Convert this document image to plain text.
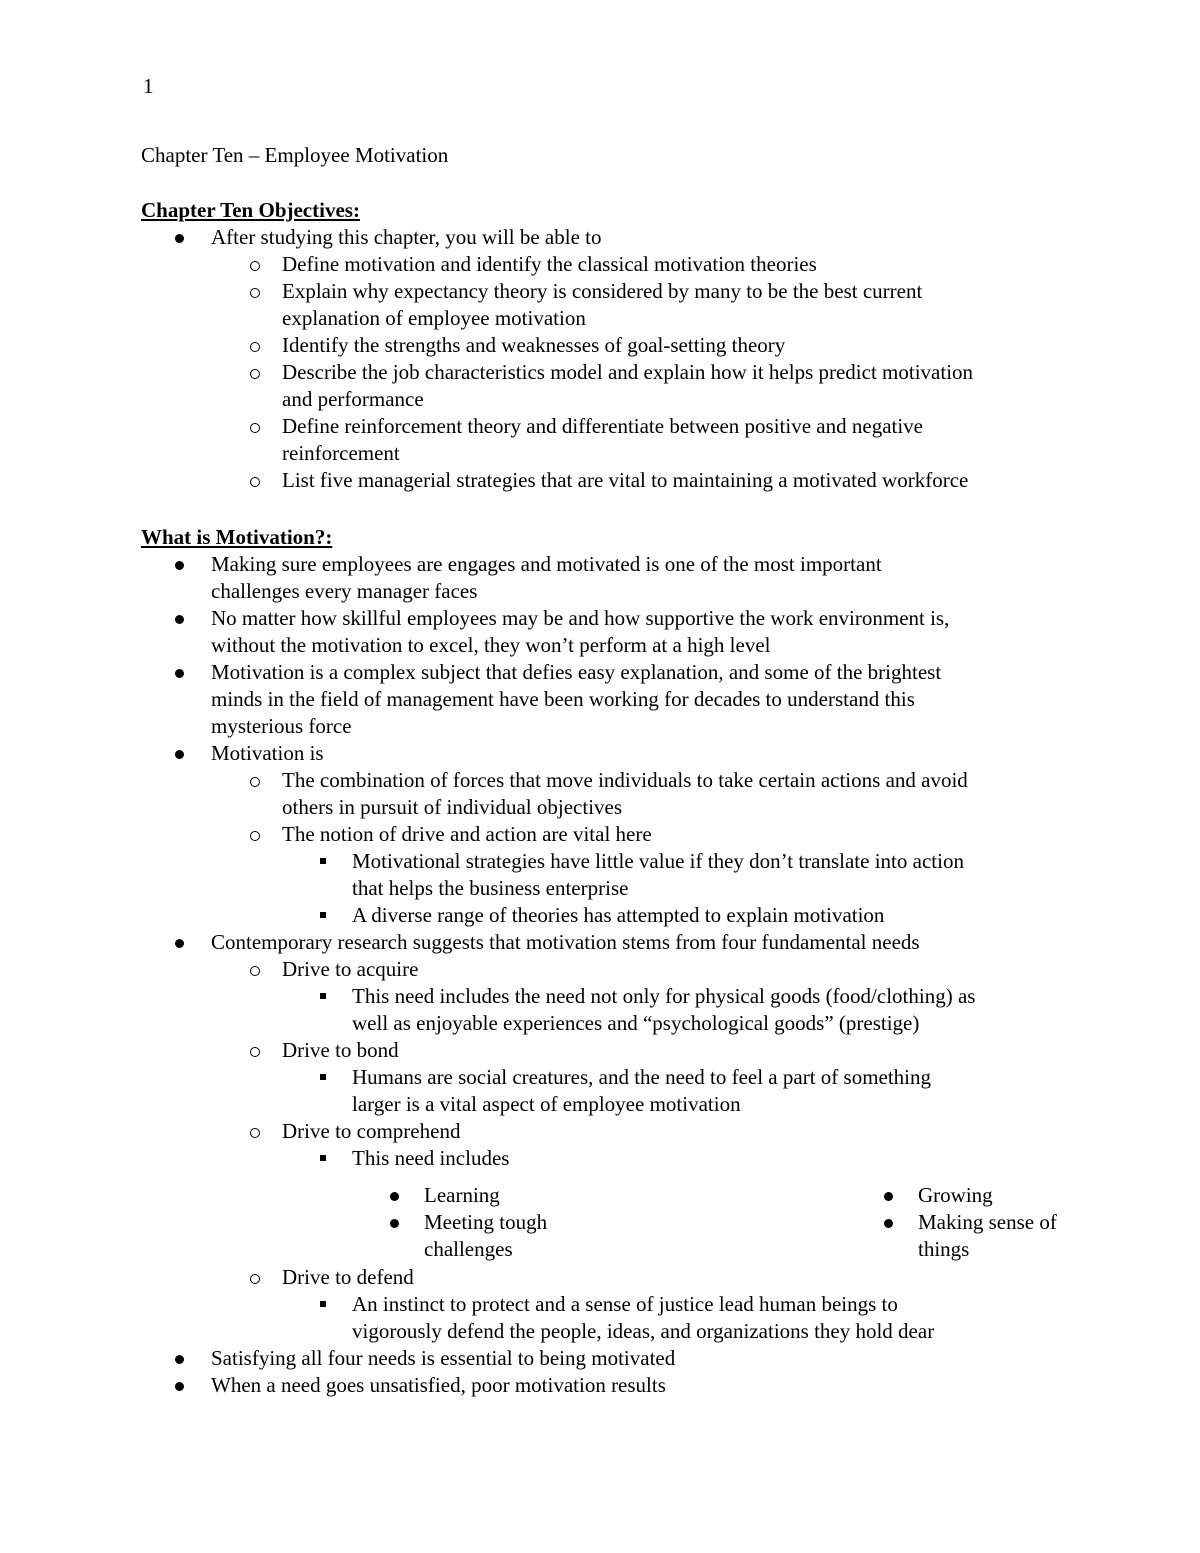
1
Chapter Ten – Employee Motivation
Chapter Ten Objectives:
After studying this chapter, you will be able to
Define motivation and identify the classical motivation theories
Explain why expectancy theory is considered by many to be the best current
explanation of employee motivation
Identify the strengths and weaknesses of goal-setting theory
Describe the job characteristics model and explain how it helps predict motivation
and performance
Define reinforcement theory and differentiate between positive and negative
reinforcement
List five managerial strategies that are vital to maintaining a motivated workforce
What is Motivation?:
Making sure employees are engages and motivated is one of the most important
challenges every manager faces
No matter how skillful employees may be and how supportive the work environment is,
without the motivation to excel, they won’t perform at a high level
Motivation is a complex subject that defies easy explanation, and some of the brightest
minds in the field of management have been working for decades to understand this
mysterious force
Motivation is
The combination of forces that move individuals to take certain actions and avoid
others in pursuit of individual objectives
The notion of drive and action are vital here
Motivational strategies have little value if they don’t translate into action
that helps the business enterprise
A diverse range of theories has attempted to explain motivation
Contemporary research suggests that motivation stems from four fundamental needs
Drive to acquire
This need includes the need not only for physical goods (food/clothing) as
well as enjoyable experiences and “psychological goods” (prestige)
Drive to bond
Humans are social creatures, and the need to feel a part of something
larger is a vital aspect of employee motivation
Drive to comprehend
This need includes
Learning
Meeting tough challenges
Growing
Making sense of things
Drive to defend
An instinct to protect and a sense of justice lead human beings to
vigorously defend the people, ideas, and organizations they hold dear
Satisfying all four needs is essential to being motivated
When a need goes unsatisfied, poor motivation results
